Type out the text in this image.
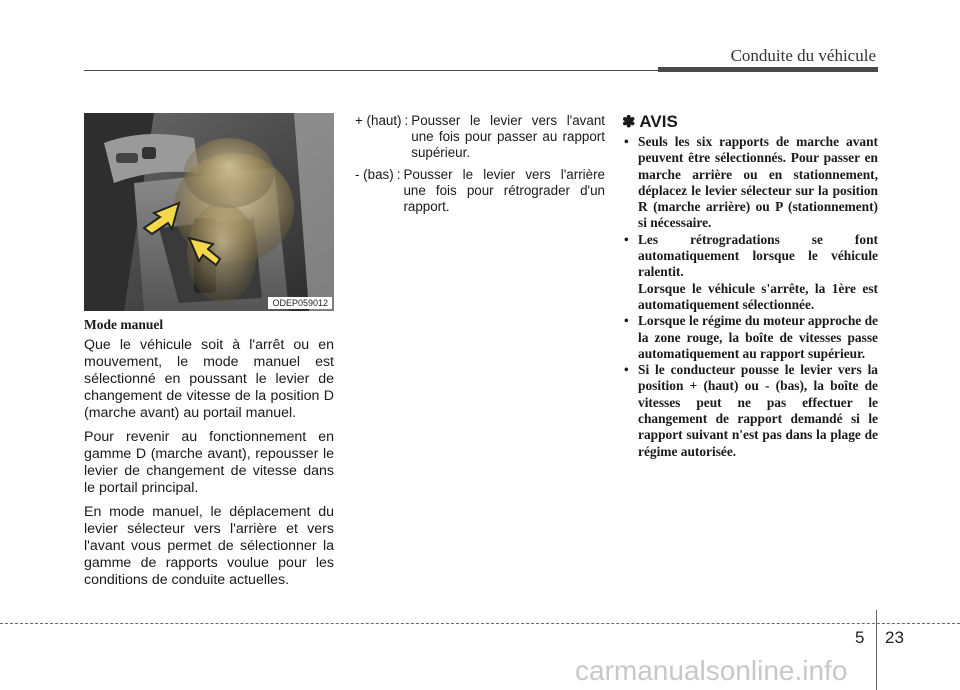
Conduite du véhicule
ODEP059012
Mode manuel

Que le véhicule soit à l'arrêt ou en mouvement, le mode manuel est sélectionné en poussant le levier de changement de vitesse de la position D (marche avant) au portail manuel.

Pour revenir au fonctionnement en gamme D (marche avant), repousser le levier de changement de vitesse dans le portail principal.

En mode manuel, le déplacement du levier sélecteur vers l'arrière et vers l'avant vous permet de sélectionner la gamme de rapports voulue pour les conditions de conduite actuelles.

+ (haut) : Pousser le levier vers l'avant une fois pour passer au rapport supérieur.
- (bas) : Pousser le levier vers l'arrière une fois pour rétrograder d'un rapport.
✽ AVIS
• Seuls les six rapports de marche avant peuvent être sélectionnés. Pour passer en marche arrière ou en stationnement, déplacez le levier sélecteur sur la position R (marche arrière) ou P (stationnement) si nécessaire.
• Les rétrogradations se font automatiquement lorsque le véhicule ralentit.
Lorsque le véhicule s'arrête, la 1ère est automatiquement sélectionnée.
• Lorsque le régime du moteur approche de la zone rouge, la boîte de vitesses passe automatiquement au rapport supérieur.
• Si le conducteur pousse le levier vers la position + (haut) ou - (bas), la boîte de vitesses peut ne pas effectuer le changement de rapport demandé si le rapport suivant n'est pas dans la plage de régime autorisée.
5 23
carmanualsonline.info
